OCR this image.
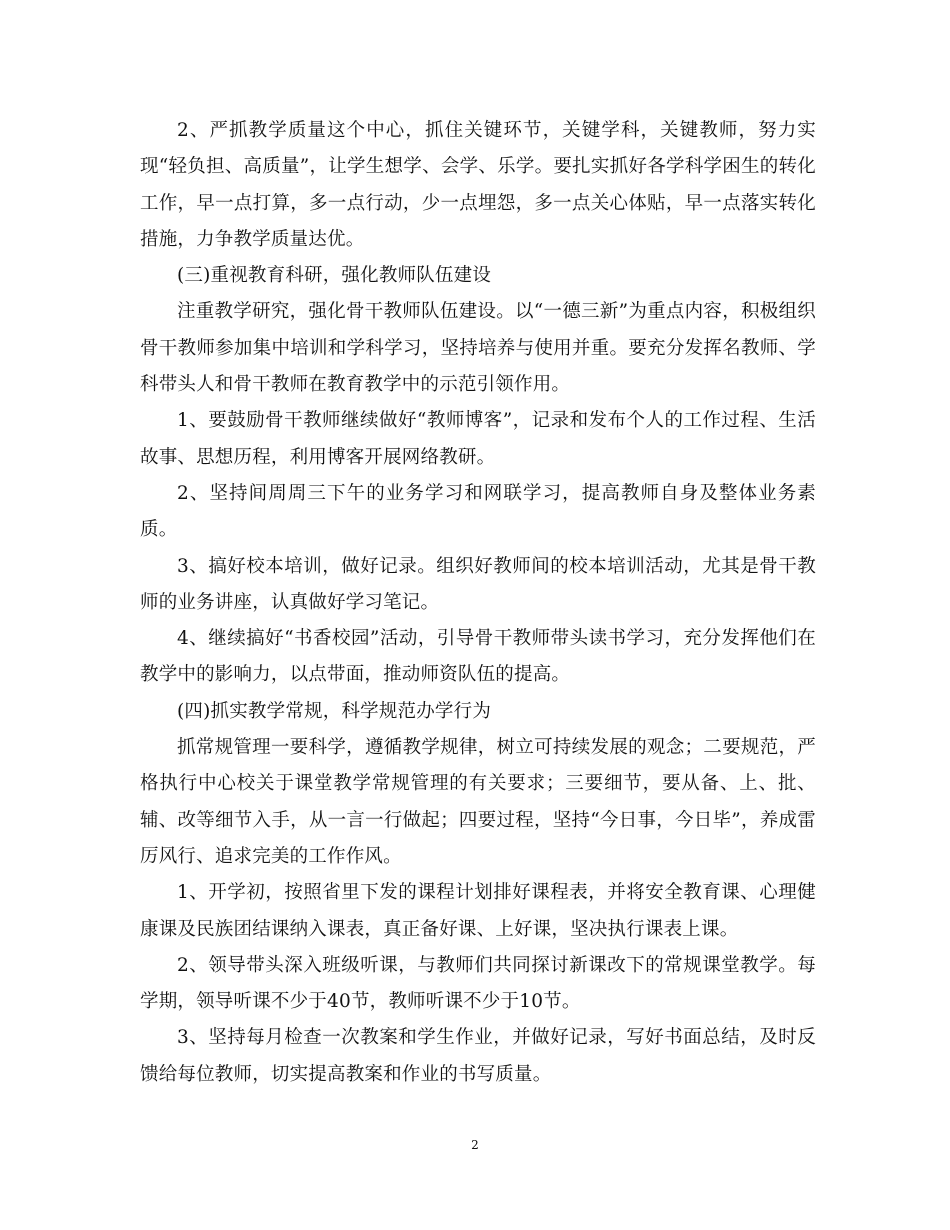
2、严抓教学质量这个中心，抓住关键环节，关键学科，关键教师，努力实现“轻负担、高质量”，让学生想学、会学、乐学。要扎实抓好各学科学困生的转化工作，早一点打算，多一点行动，少一点埋怨，多一点关心体贴，早一点落实转化措施，力争教学质量达优。

(三)重视教育科研，强化教师队伍建设

注重教学研究，强化骨干教师队伍建设。以“一德三新”为重点内容，积极组织骨干教师参加集中培训和学科学习，坚持培养与使用并重。要充分发挥名教师、学科带头人和骨干教师在教育教学中的示范引领作用。

1、要鼓励骨干教师继续做好“教师博客”，记录和发布个人的工作过程、生活故事、思想历程，利用博客开展网络教研。

2、坚持间周周三下午的业务学习和网联学习，提高教师自身及整体业务素质。

3、搞好校本培训，做好记录。组织好教师间的校本培训活动，尤其是骨干教师的业务讲座，认真做好学习笔记。

4、继续搞好“书香校园”活动，引导骨干教师带头读书学习，充分发挥他们在教学中的影响力，以点带面，推动师资队伍的提高。

(四)抓实教学常规，科学规范办学行为

抓常规管理一要科学，遵循教学规律，树立可持续发展的观念；二要规范，严格执行中心校关于课堂教学常规管理的有关要求；三要细节，要从备、上、批、辅、改等细节入手，从一言一行做起；四要过程，坚持“今日事，今日毕”，养成雷厉风行、追求完美的工作作风。

1、开学初，按照省里下发的课程计划排好课程表，并将安全教育课、心理健康课及民族团结课纳入课表，真正备好课、上好课，坚决执行课表上课。

2、领导带头深入班级听课，与教师们共同探讨新课改下的常规课堂教学。每学期，领导听课不少于40节，教师听课不少于10节。

3、坚持每月检查一次教案和学生作业，并做好记录，写好书面总结，及时反馈给每位教师，切实提高教案和作业的书写质量。

2
